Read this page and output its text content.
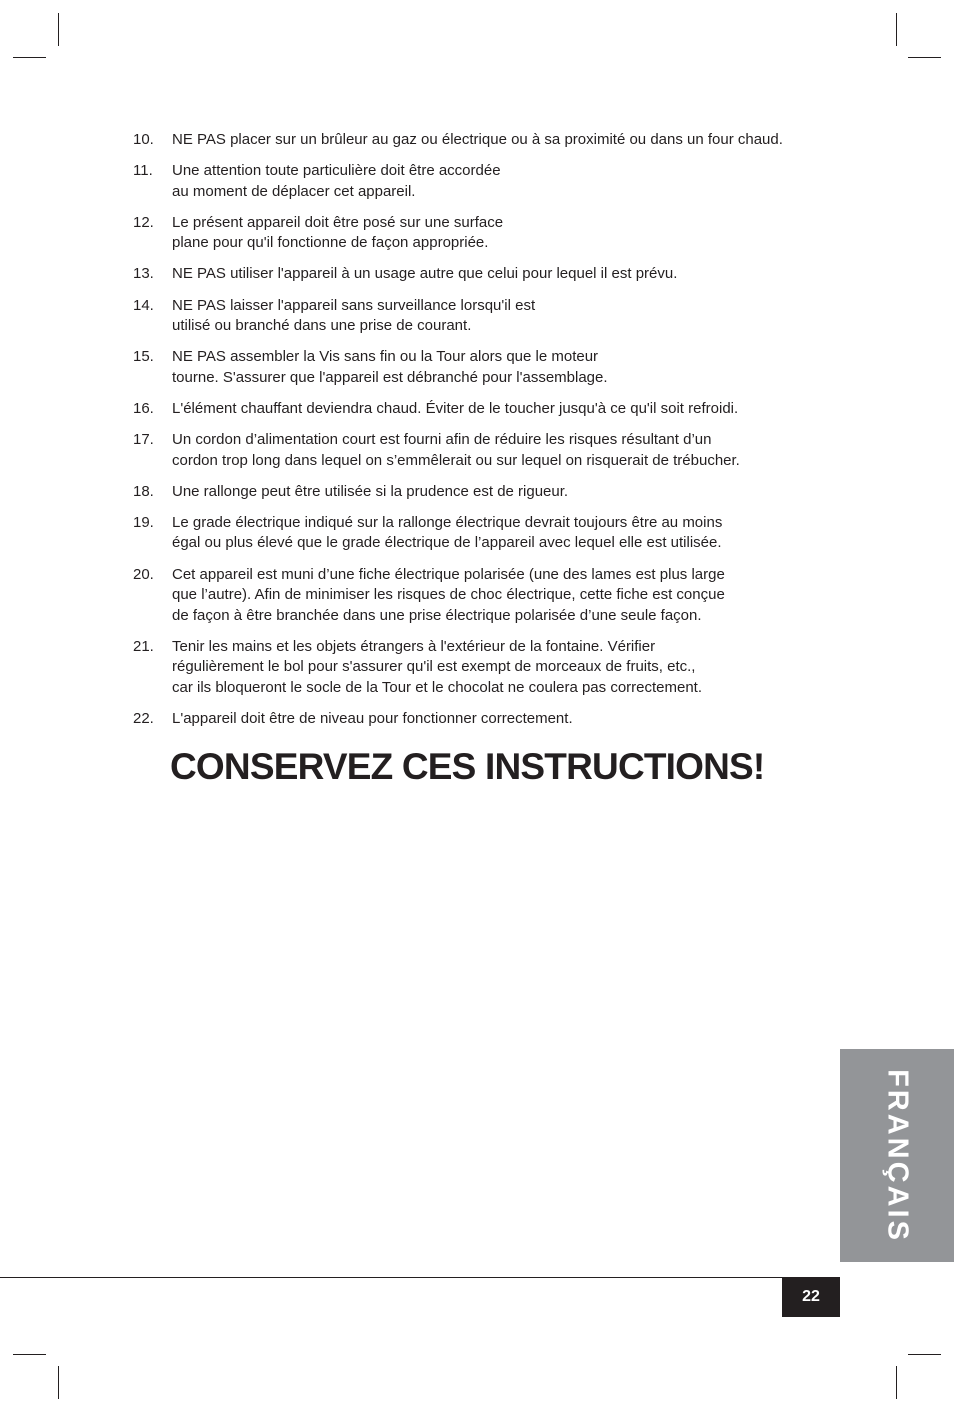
10. NE PAS placer sur un brûleur au gaz ou électrique ou à sa proximité ou dans un four chaud.
11. Une attention toute particulière doit être accordée
au moment de déplacer cet appareil.
12. Le présent appareil doit être posé sur une surface
plane pour qu'il fonctionne de façon appropriée.
13. NE PAS utiliser l'appareil à un usage autre que celui pour lequel il est prévu.
14. NE PAS laisser l'appareil sans surveillance lorsqu'il est
utilisé ou branché dans une prise de courant.
15. NE PAS assembler la Vis sans fin ou la Tour alors que le moteur
tourne. S'assurer que l'appareil est débranché pour l'assemblage.
16. L'élément chauffant deviendra chaud. Éviter de le toucher jusqu'à ce qu'il soit refroidi.
17. Un cordon d’alimentation court est fourni afin de réduire les risques résultant d’un
cordon trop long dans lequel on s’emmêlerait ou sur lequel on risquerait de trébucher.
18. Une rallonge peut être utilisée si la prudence est de rigueur.
19. Le grade électrique indiqué sur la rallonge électrique devrait toujours être au moins
égal ou plus élevé que le grade électrique de l’appareil avec lequel elle est utilisée.
20. Cet appareil est muni d’une fiche électrique polarisée (une des lames est plus large
que l’autre). Afin de minimiser les risques de choc électrique, cette fiche est conçue
de façon à être branchée dans une prise électrique polarisée d’une seule façon.
21. Tenir les mains et les objets étrangers à l'extérieur de la fontaine. Vérifier
régulièrement le bol pour s'assurer qu'il est exempt de morceaux de fruits, etc.,
car ils bloqueront le socle de la Tour et le chocolat ne coulera pas correctement.
22. L'appareil doit être de niveau pour fonctionner correctement.
CONSERVEZ CES INSTRUCTIONS!
FRANÇAIS
22
